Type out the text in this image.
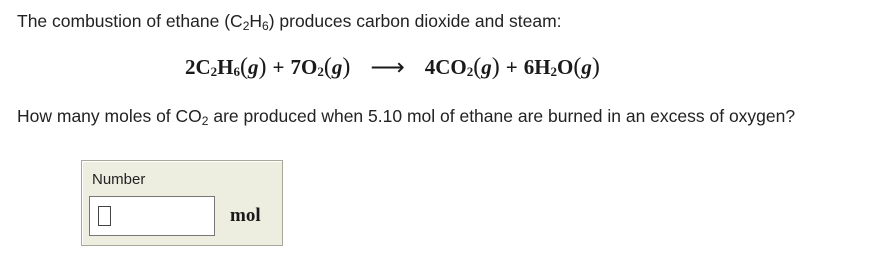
The combustion of ethane $(C_2H_6)$ produces carbon dioxide and steam:
$2C_2H_6(g) + 7O_2(g)$ ⟶ $4CO_2(g) + 6H_2O(g)$
How many moles of $CO_2$ are produced when 5.10 mol of ethane are burned in an excess of oxygen?
Number
mol
